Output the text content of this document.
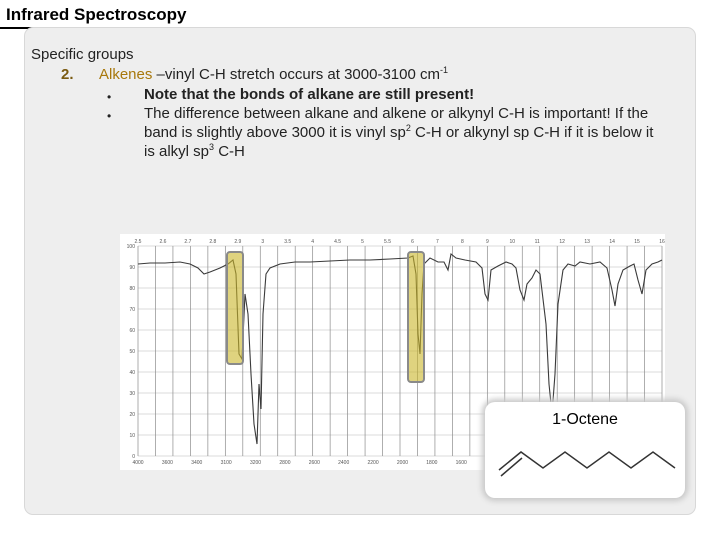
Infrared Spectroscopy
Specific groups
2. Alkenes –vinyl C-H stretch occurs at 3000-3100 $cm^{-1}$
• Note that the bonds of alkane are still present!
• The difference between alkane and alkene or alkynyl C-H is important! If the
band is slightly above 3000 it is vinyl $sp^2$ C-H or alkynyl sp C-H if it is below it
is alkyl $sp^3$ C-H
100
90
80
70
60
50
40
30
20
10
0
4000	3600	3400	3100	3200	2800	2600	2400	2200	2000	1800	1600
2.5	2.6	2.7	2.8	2.9	3	3.5	4	4.5	5	5.5	6	7	8	9	10	11	12	13	14	15	16
1-Octene
